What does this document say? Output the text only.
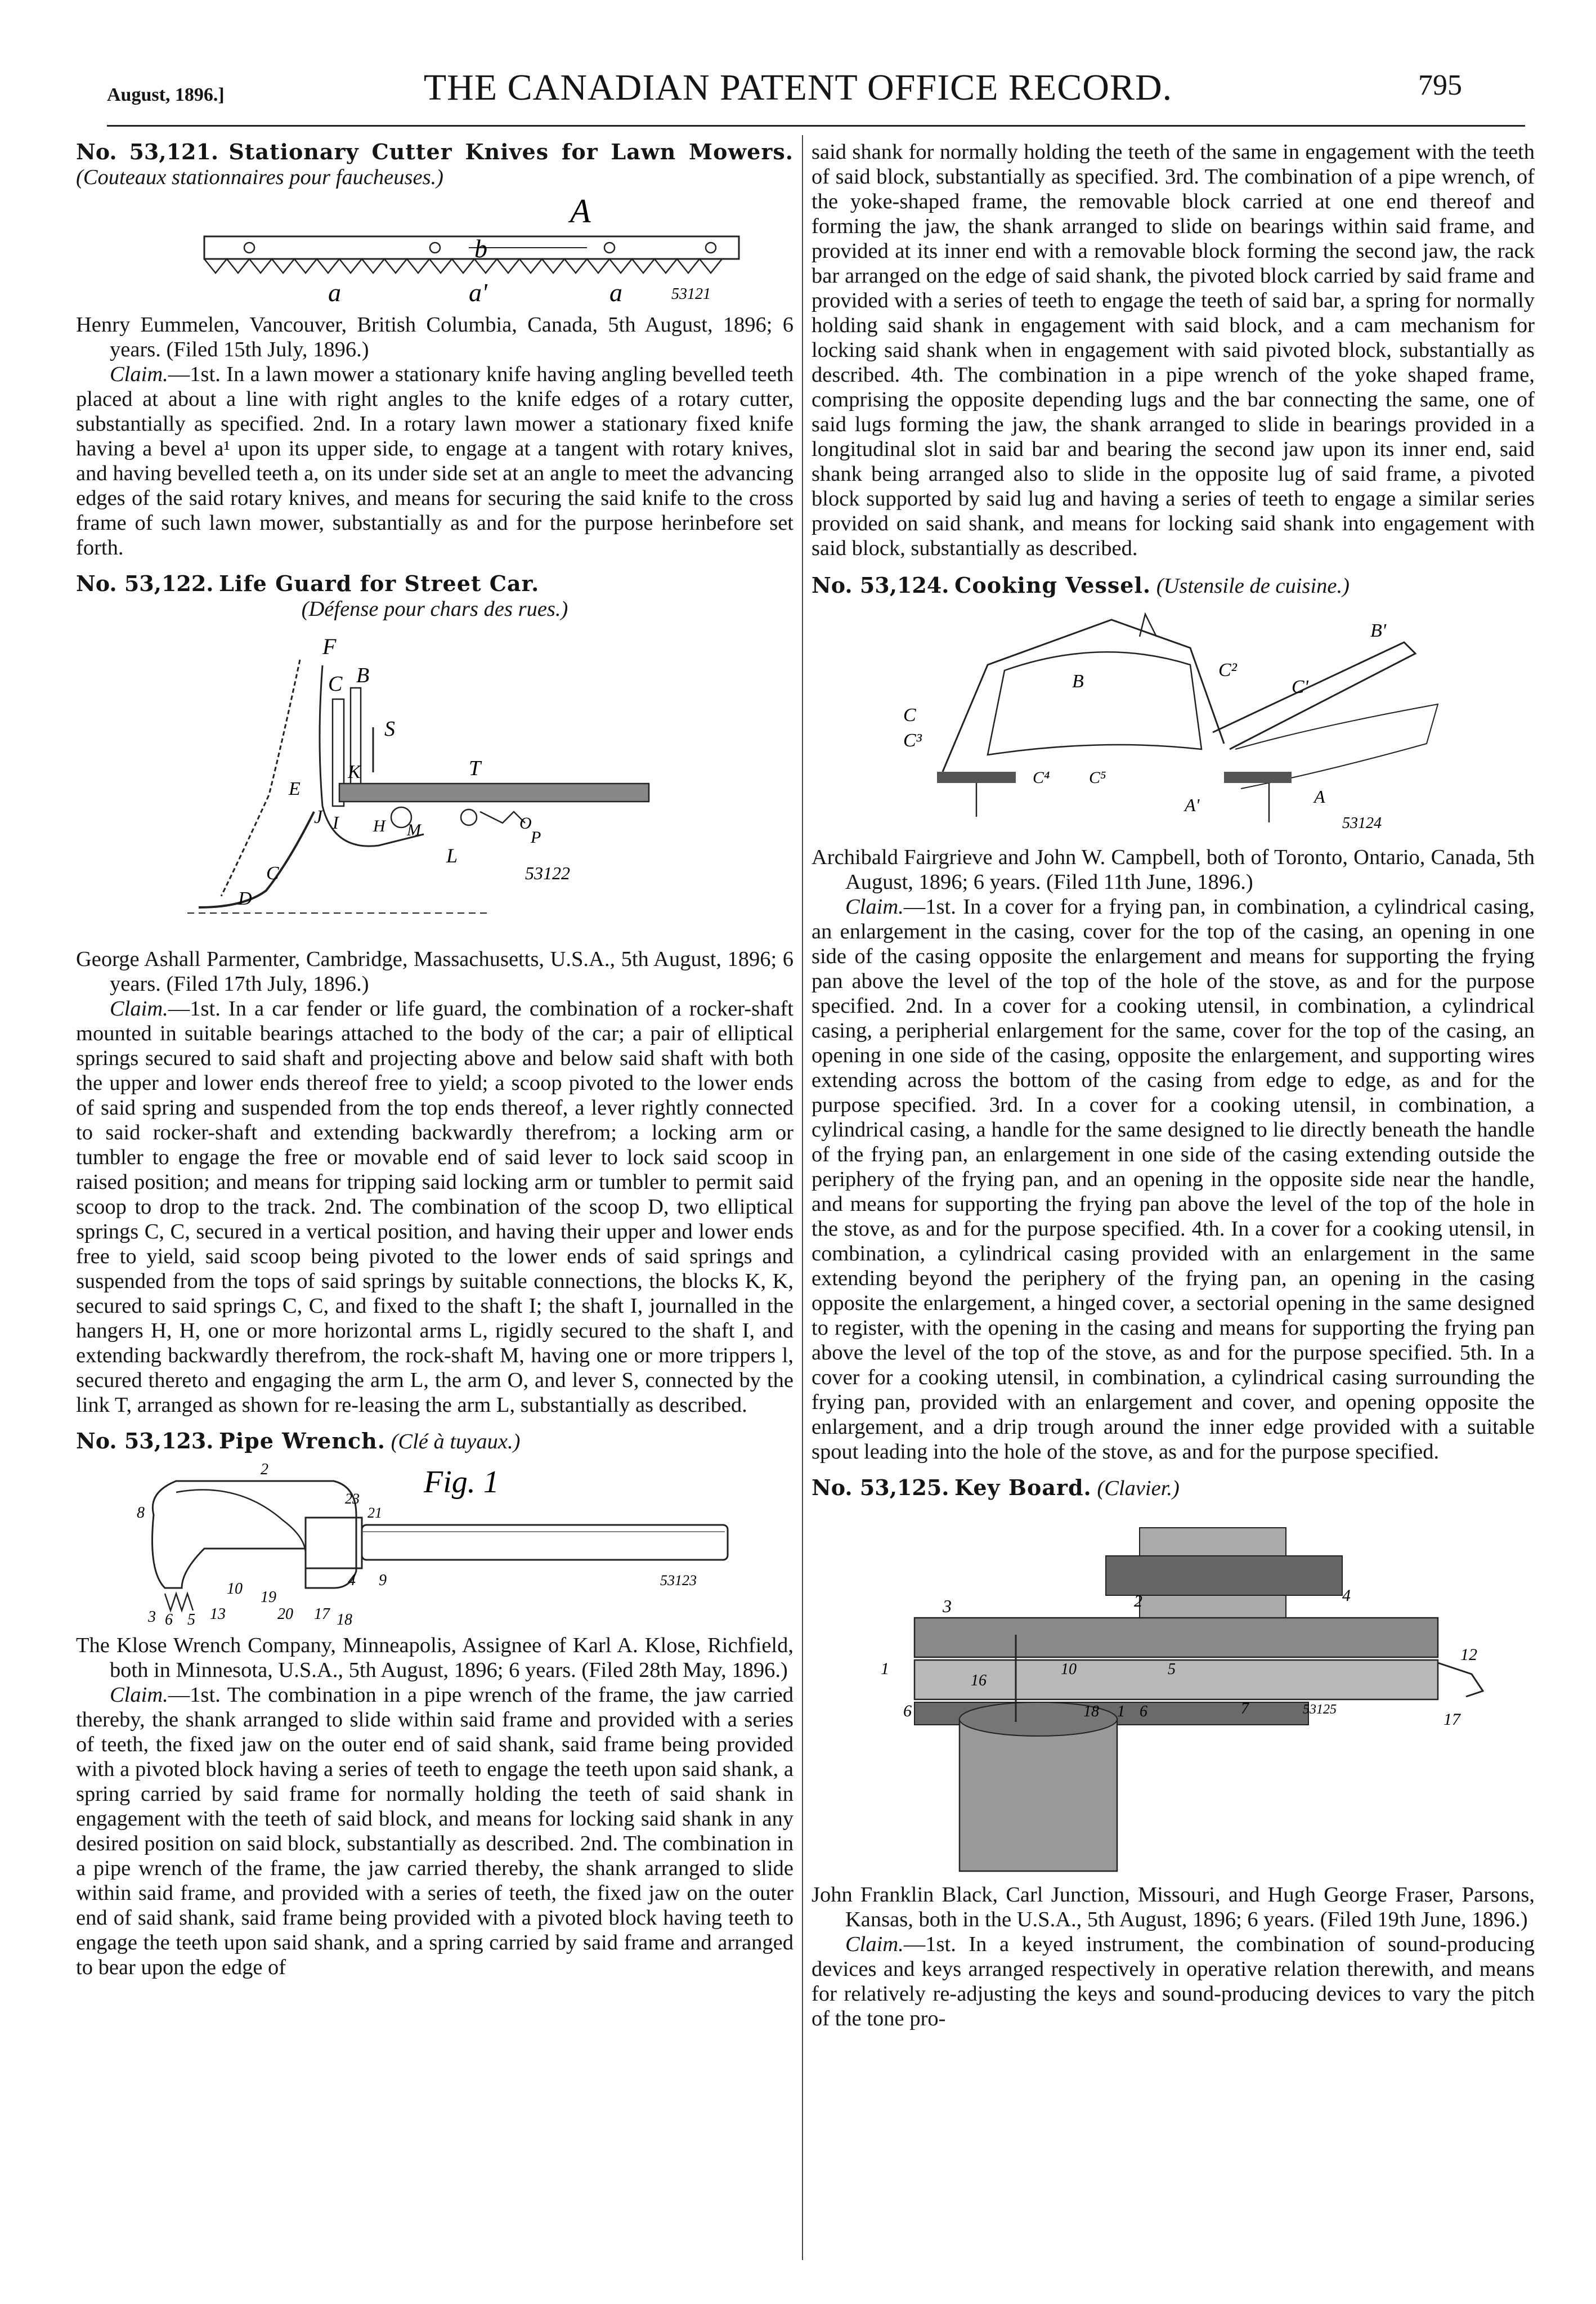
August, 1896.]	THE CANADIAN PATENT OFFICE RECORD.	795

No. 53,121. Stationary Cutter Knives for Lawn Mowers. (Couteaux stationnaires pour faucheuses.)

A
b
a	a'	a	53121

Henry Eummelen, Vancouver, British Columbia, Canada, 5th August, 1896; 6 years. (Filed 15th July, 1896.)

Claim.—1st. In a lawn mower a stationary knife having angling bevelled teeth placed at about a line with right angles to the knife edges of a rotary cutter, substantially as specified. 2nd. In a rotary lawn mower a stationary fixed knife having a bevel a¹ upon its upper side, to engage at a tangent with rotary knives, and having bevelled teeth a, on its under side set at an angle to meet the advancing edges of the said rotary knives, and means for securing the said knife to the cross frame of such lawn mower, substantially as and for the purpose herinbefore set forth.

No. 53,122. Life Guard for Street Car.

(Défense pour chars des rues.)

F
C B
S
K	T
E
J I H M	O
P
L
C
D
53122

George Ashall Parmenter, Cambridge, Massachusetts, U.S.A., 5th August, 1896; 6 years. (Filed 17th July, 1896.)

Claim.—1st. In a car fender or life guard, the combination of a rocker-shaft mounted in suitable bearings attached to the body of the car; a pair of elliptical springs secured to said shaft and projecting above and below said shaft with both the upper and lower ends thereof free to yield; a scoop pivoted to the lower ends of said spring and suspended from the top ends thereof, a lever rightly connected to said rocker-shaft and extending backwardly therefrom; a locking arm or tumbler to engage the free or movable end of said lever to lock said scoop in raised position; and means for tripping said locking arm or tumbler to permit said scoop to drop to the track. 2nd. The combination of the scoop D, two elliptical springs C, C, secured in a vertical position, and having their upper and lower ends free to yield, said scoop being pivoted to the lower ends of said springs and suspended from the tops of said springs by suitable connections, the blocks K, K, secured to said springs C, C, and fixed to the shaft I; the shaft I, journalled in the hangers H, H, one or more horizontal arms L, rigidly secured to the shaft I, and extending backwardly therefrom, the rock-shaft M, having one or more trippers l, secured thereto and engaging the arm L, the arm O, and lever S, connected by the link T, arranged as shown for re-leasing the arm L, substantially as described.

No. 53,123. Pipe Wrench. (Clé à tuyaux.)

Fig. 1
2
8
23
21
3 6 5 13
19
20 17 18
10	4 9	53123

The Klose Wrench Company, Minneapolis, Assignee of Karl A. Klose, Richfield, both in Minnesota, U.S.A., 5th August, 1896; 6 years. (Filed 28th May, 1896.)

Claim.—1st. The combination in a pipe wrench of the frame, the jaw carried thereby, the shank arranged to slide within said frame and provided with a series of teeth, the fixed jaw on the outer end of said shank, said frame being provided with a pivoted block having a series of teeth to engage the teeth upon said shank, a spring carried by said frame for normally holding the teeth of said shank in engagement with the teeth of said block, and means for locking said shank in any desired position on said block, substantially as described. 2nd. The combination in a pipe wrench of the frame, the jaw carried thereby, the shank arranged to slide within said frame, and provided with a series of teeth, the fixed jaw on the outer end of said shank, said frame being provided with a pivoted block having teeth to engage the teeth upon said shank, and a spring carried by said frame and arranged to bear upon the edge of

said shank for normally holding the teeth of the same in engagement with the teeth of said block, substantially as specified. 3rd. The combination of a pipe wrench, of the yoke-shaped frame, the removable block carried at one end thereof and forming the jaw, the shank arranged to slide on bearings within said frame, and provided at its inner end with a removable block forming the second jaw, the rack bar arranged on the edge of said shank, the pivoted block carried by said frame and provided with a series of teeth to engage the teeth of said bar, a spring for normally holding said shank in engagement with said block, and a cam mechanism for locking said shank when in engagement with said pivoted block, substantially as described. 4th. The combination in a pipe wrench of the yoke shaped frame, comprising the opposite depending lugs and the bar connecting the same, one of said lugs forming the jaw, the shank arranged to slide in bearings provided in a longitudinal slot in said bar and bearing the second jaw upon its inner end, said shank being arranged also to slide in the opposite lug of said frame, a pivoted block supported by said lug and having a series of teeth to engage a similar series provided on said shank, and means for locking said shank into engagement with said block, substantially as described.

No. 53,124. Cooking Vessel. (Ustensile de cuisine.)

B'
C²
B	C'
C
C³
C⁴ C⁵
A'	A
53124

Archibald Fairgrieve and John W. Campbell, both of Toronto, Ontario, Canada, 5th August, 1896; 6 years. (Filed 11th June, 1896.)

Claim.—1st. In a cover for a frying pan, in combination, a cylindrical casing, an enlargement in the casing, cover for the top of the casing, an opening in one side of the casing opposite the enlargement and means for supporting the frying pan above the level of the top of the hole of the stove, as and for the purpose specified. 2nd. In a cover for a cooking utensil, in combination, a cylindrical casing, a peripherial enlargement for the same, cover for the top of the casing, an opening in one side of the casing, opposite the enlargement, and supporting wires extending across the bottom of the casing from edge to edge, as and for the purpose specified. 3rd. In a cover for a cooking utensil, in combination, a cylindrical casing, a handle for the same designed to lie directly beneath the handle of the frying pan, an enlargement in one side of the casing extending outside the periphery of the frying pan, and an opening in the opposite side near the handle, and means for supporting the frying pan above the level of the top of the hole in the stove, as and for the purpose specified. 4th. In a cover for a cooking utensil, in combination, a cylindrical casing provided with an enlargement in the same extending beyond the periphery of the frying pan, an opening in the casing opposite the enlargement, a hinged cover, a sectorial opening in the same designed to register, with the opening in the casing and means for supporting the frying pan above the level of the top of the stove, as and for the purpose specified. 5th. In a cover for a cooking utensil, in combination, a cylindrical casing surrounding the frying pan, provided with an enlargement and cover, and opening opposite the enlargement, and a drip trough around the inner edge provided with a suitable spout leading into the hole of the stove, as and for the purpose specified.

No. 53,125. Key Board. (Clavier.)

3	2	4
1
12
5
10
16
6	18 1 6	7	53125
17

John Franklin Black, Carl Junction, Missouri, and Hugh George Fraser, Parsons, Kansas, both in the U.S.A., 5th August, 1896; 6 years. (Filed 19th June, 1896.)

Claim.—1st. In a keyed instrument, the combination of sound-producing devices and keys arranged respectively in operative relation therewith, and means for relatively re-adjusting the keys and sound-producing devices to vary the pitch of the tone pro-
